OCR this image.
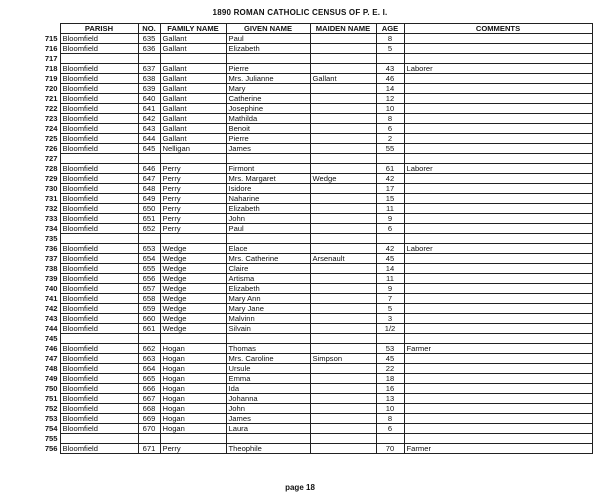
1890 ROMAN CATHOLIC CENSUS OF P. E. I.
	PARISH	NO.	FAMILY NAME	GIVEN NAME	MAIDEN NAME	AGE	COMMENTS
715	Bloomfield	635	Gallant	Paul		8	
716	Bloomfield	636	Gallant	Elizabeth		5	
717							
718	Bloomfield	637	Gallant	Pierre		43	Laborer
719	Bloomfield	638	Gallant	Mrs. Julianne	Gallant	46	
720	Bloomfield	639	Gallant	Mary		14	
721	Bloomfield	640	Gallant	Catherine		12	
722	Bloomfield	641	Gallant	Josephine		10	
723	Bloomfield	642	Gallant	Mathilda		8	
724	Bloomfield	643	Gallant	Benoit		6	
725	Bloomfield	644	Gallant	Pierre		2	
726	Bloomfield	645	Nelligan	James		55	
727							
728	Bloomfield	646	Perry	Firmont		61	Laborer
729	Bloomfield	647	Perry	Mrs. Margaret	Wedge	42	
730	Bloomfield	648	Perry	Isidore		17	
731	Bloomfield	649	Perry	Naharine		15	
732	Bloomfield	650	Perry	Elizabeth		11	
733	Bloomfield	651	Perry	John		9	
734	Bloomfield	652	Perry	Paul		6	
735							
736	Bloomfield	653	Wedge	Elace		42	Laborer
737	Bloomfield	654	Wedge	Mrs. Catherine	Arsenault	45	
738	Bloomfield	655	Wedge	Claire		14	
739	Bloomfield	656	Wedge	Artisma		11	
740	Bloomfield	657	Wedge	Elizabeth		9	
741	Bloomfield	658	Wedge	Mary Ann		7	
742	Bloomfield	659	Wedge	Mary Jane		5	
743	Bloomfield	660	Wedge	Malvinn		3	
744	Bloomfield	661	Wedge	Silvain		1/2	
745							
746	Bloomfield	662	Hogan	Thomas		53	Farmer
747	Bloomfield	663	Hogan	Mrs. Caroline	Simpson	45	
748	Bloomfield	664	Hogan	Ursule		22	
749	Bloomfield	665	Hogan	Emma		18	
750	Bloomfield	666	Hogan	Ida		16	
751	Bloomfield	667	Hogan	Johanna		13	
752	Bloomfield	668	Hogan	John		10	
753	Bloomfield	669	Hogan	James		8	
754	Bloomfield	670	Hogan	Laura		6	
755							
756	Bloomfield	671	Perry	Theophile		70	Farmer
page 18
